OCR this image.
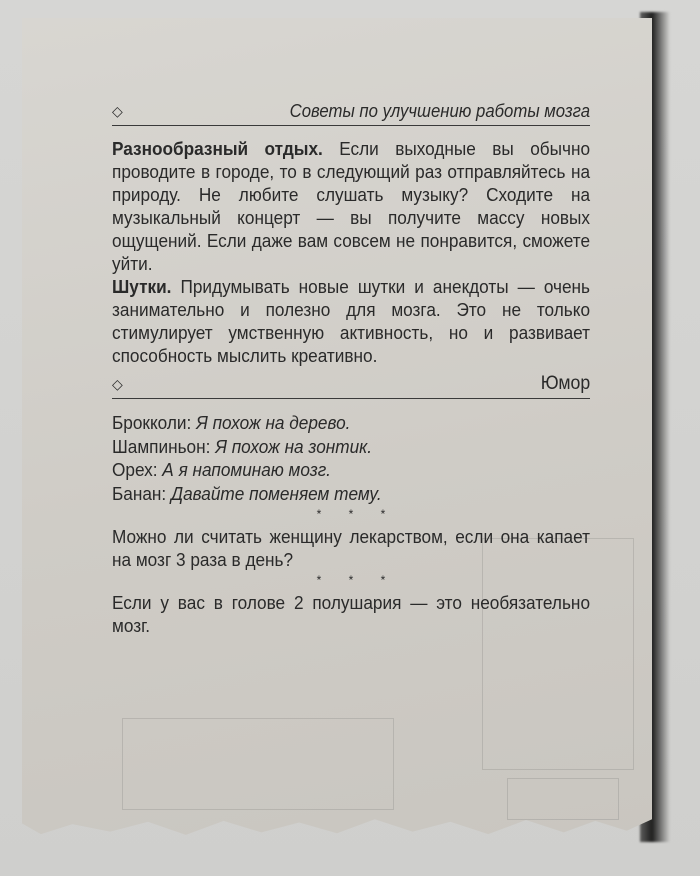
◇	Советы по улучшению работы мозга

Разнообразный отдых. Если выходные вы обычно проводите в городе, то в следующий раз отправляйтесь на природу. Не любите слушать музыку? Сходите на музыкальный концерт — вы получите массу новых ощущений. Если даже вам совсем не понравится, сможете уйти.

Шутки. Придумывать новые шутки и анекдоты — очень занимательно и полезно для мозга. Это не только стимулирует умственную активность, но и развивает способность мыслить креативно.

◇	Юмор
Брокколи: Я похож на дерево.
Шампиньон: Я похож на зонтик.
Орех: А я напоминаю мозг.
Банан: Давайте поменяем тему.
* * *

Можно ли считать женщину лекарством, если она капает на мозг 3 раза в день?

* * *

Если у вас в голове 2 полушария — это необязательно мозг.
